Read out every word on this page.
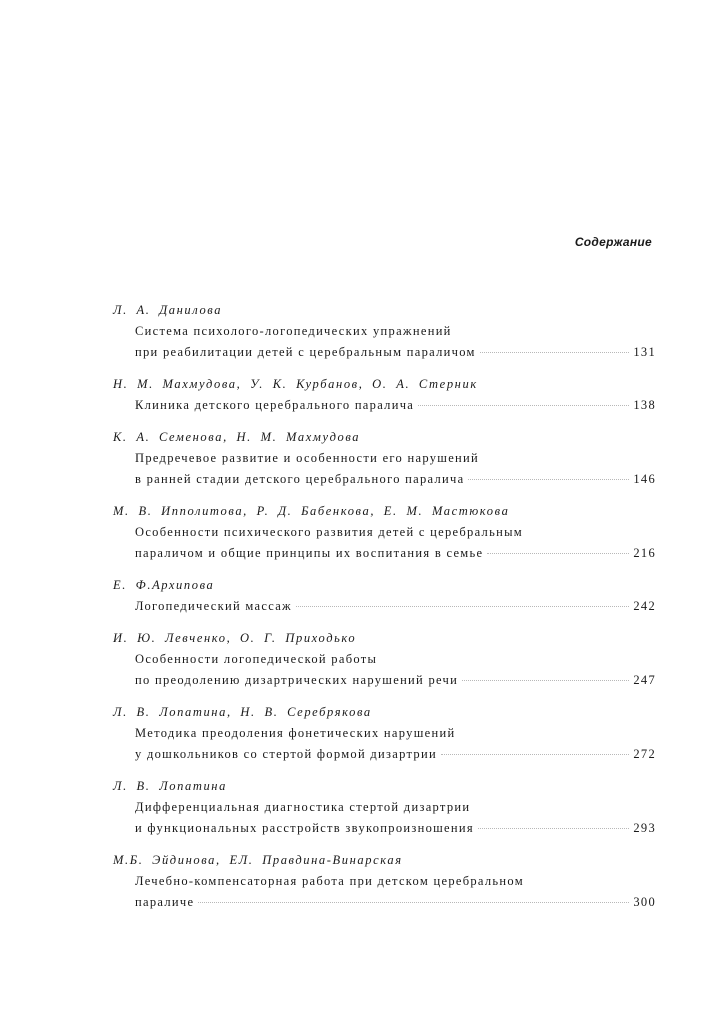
Содержание
Л. А. Данилова
Система психолого-логопедических упражнений
при реабилитации детей с церебральным параличом	131
Н. М. Махмудова, У. К. Курбанов, О. А. Стерник
Клиника детского церебрального паралича	138
К. А. Семенова, Н. М. Махмудова
Предречевое развитие и особенности его нарушений
в ранней стадии детского церебрального паралича	146
М. В. Ипполитова, Р. Д. Бабенкова, Е. М. Мастюкова
Особенности психического развития детей с церебральным
параличом и общие принципы их воспитания в семье	216
Е. Ф.Архипова
Логопедический массаж	242
И. Ю. Левченко, О. Г. Приходько
Особенности логопедической работы
по преодолению дизартрических нарушений речи	247
Л. В. Лопатина, Н. В. Серебрякова
Методика преодоления фонетических нарушений
у дошкольников со стертой формой дизартрии	272
Л. В. Лопатина
Дифференциальная диагностика стертой дизартрии
и функциональных расстройств звукопроизношения	293
М.Б. Эйдинова, ЕЛ. Правдина-Винарская
Лечебно-компенсаторная работа при детском церебральном
параличе	300
